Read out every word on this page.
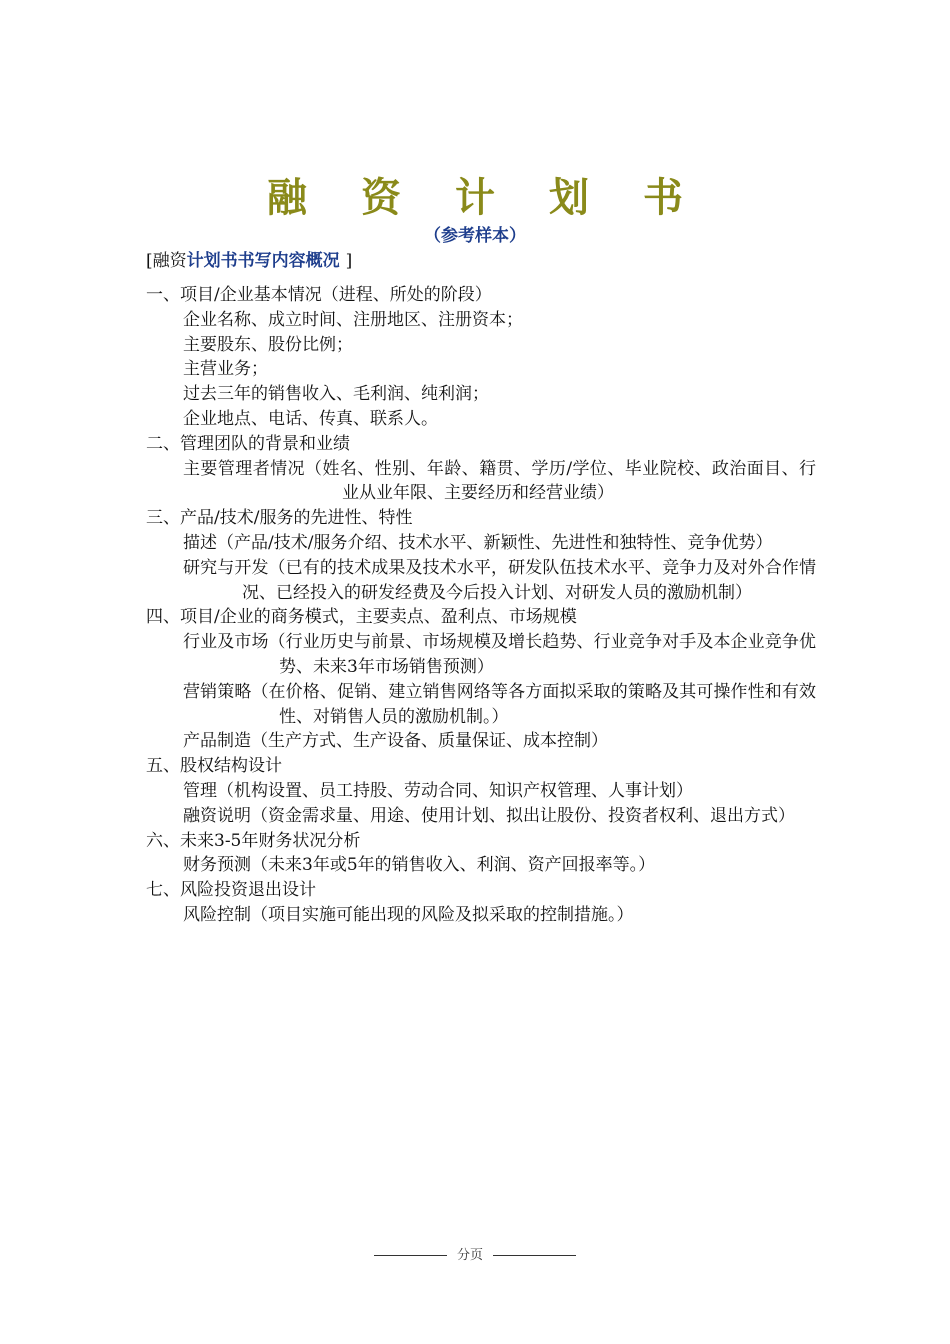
融资计划书
（参考样本）
[融资计划书书写内容概况 ]
一、项目/企业基本情况（进程、所处的阶段）
企业名称、成立时间、注册地区、注册资本；
主要股东、股份比例；
主营业务；
过去三年的销售收入、毛利润、纯利润；
企业地点、电话、传真、联系人。
二、管理团队的背景和业绩
主要管理者情况（姓名、性别、年龄、籍贯、学历/学位、毕业院校、政治面目、行业从业年限、主要经历和经营业绩）
三、产品/技术/服务的先进性、特性
描述（产品/技术/服务介绍、技术水平、新颖性、先进性和独特性、竞争优势）
研究与开发（已有的技术成果及技术水平，研发队伍技术水平、竞争力及对外合作情况、已经投入的研发经费及今后投入计划、对研发人员的激励机制）
四、项目/企业的商务模式，主要卖点、盈利点、市场规模
行业及市场（行业历史与前景、市场规模及增长趋势、行业竞争对手及本企业竞争优势、未来3年市场销售预测）
营销策略（在价格、促销、建立销售网络等各方面拟采取的策略及其可操作性和有效性、对销售人员的激励机制。）
产品制造（生产方式、生产设备、质量保证、成本控制）
五、股权结构设计
管理（机构设置、员工持股、劳动合同、知识产权管理、人事计划）
融资说明（资金需求量、用途、使用计划、拟出让股份、投资者权利、退出方式）
六、未来3-5年财务状况分析
财务预测（未来3年或5年的销售收入、利润、资产回报率等。）
七、风险投资退出设计
风险控制（项目实施可能出现的风险及拟采取的控制措施。）
分页
